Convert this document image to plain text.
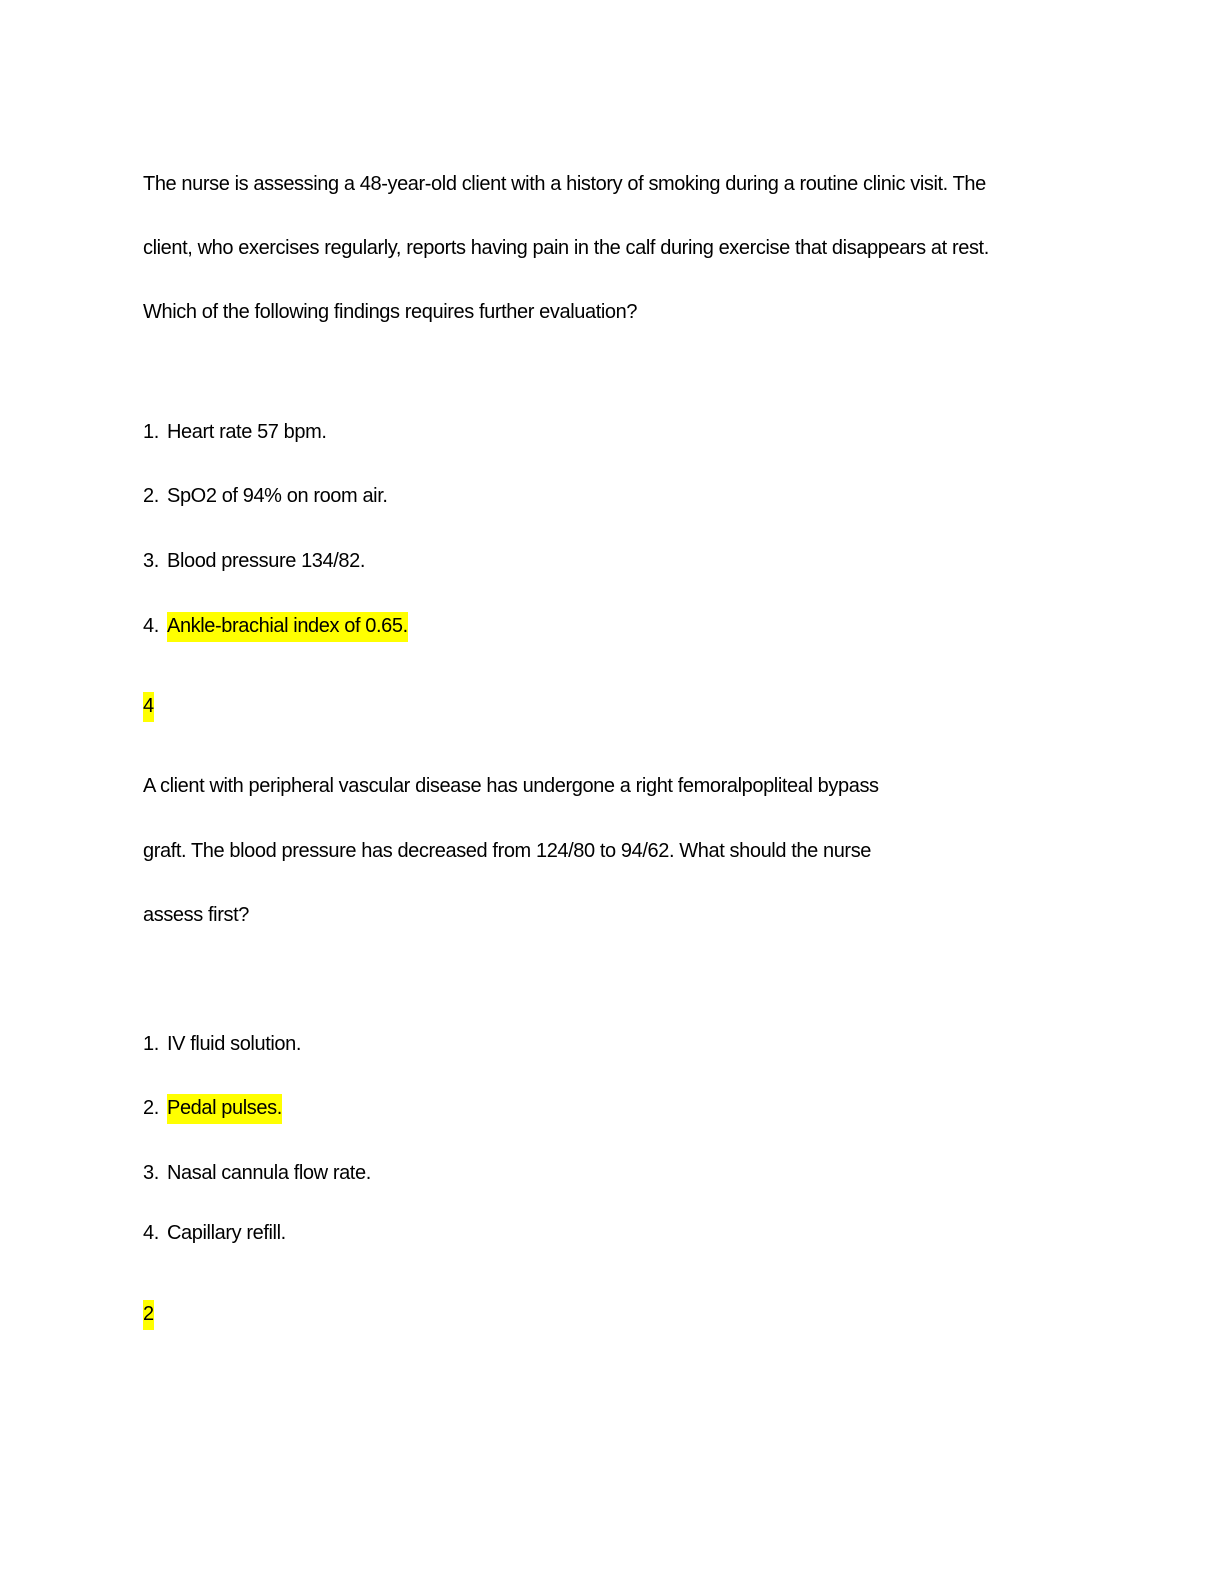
The nurse is assessing a 48-year-old client with a history of smoking during a routine clinic visit. The

client, who exercises regularly, reports having pain in the calf during exercise that disappears at rest.

Which of the following findings requires further evaluation?

1. Heart rate 57 bpm.

2. SpO2 of 94% on room air.

3. Blood pressure 134/82.

4. Ankle-brachial index of 0.65.

4

A client with peripheral vascular disease has undergone a right femoralpopliteal bypass

graft. The blood pressure has decreased from 124/80 to 94/62. What should the nurse

assess first?

1. IV fluid solution.

2. Pedal pulses.

3. Nasal cannula flow rate.

4. Capillary refill.

2
